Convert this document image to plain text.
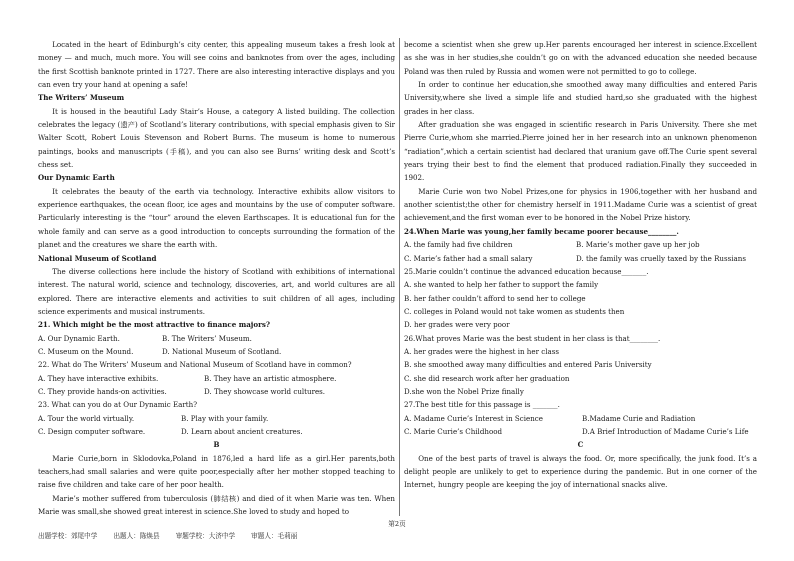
Located in the heart of Edinburgh’s city center, this appealing museum takes a fresh look at money — and much, much more. You will see coins and banknotes from over the ages, including the first Scottish banknote printed in 1727. There are also interesting interactive displays and you can even try your hand at opening a safe!

The Writers’ Museum

It is housed in the beautiful Lady Stair’s House, a category A listed building. The collection celebrates the legacy (遗产) of Scotland’s literary contributions, with special emphasis given to Sir Walter Scott, Robert Louis Stevenson and Robert Burns. The museum is home to numerous paintings, books and manuscripts (手稿), and you can also see Burns’ writing desk and Scott’s chess set.

Our Dynamic Earth

It celebrates the beauty of the earth via technology. Interactive exhibits allow visitors to experience earthquakes, the ocean floor, ice ages and mountains by the use of computer software. Particularly interesting is the “tour” around the eleven Earthscapes. It is educational fun for the whole family and can serve as a good introduction to concepts surrounding the formation of the planet and the creatures we share the earth with.

National Museum of Scotland

The diverse collections here include the history of Scotland with exhibitions of international interest. The natural world, science and technology, discoveries, art, and world cultures are all explored. There are interactive elements and activities to suit children of all ages, including science experiments and musical instruments.

21. Which might be the most attractive to finance majors?

A. Our Dynamic Earth.	B. The Writers’ Museum.
C. Museum on the Mound.	D. National Museum of Scotland.

22. What do The Writers’ Museum and National Museum of Scotland have in common?

A. They have interactive exhibits.	B. They have an artistic atmosphere.
C. They provide hands-on activities.	D. They showcase world cultures.

23. What can you do at Our Dynamic Earth?

A. Tour the world virtually.	B. Play with your family.
C. Design computer software.	D. Learn about ancient creatures.

B

Marie Curie,born in Sklodovka,Poland in 1876,led a hard life as a girl.Her parents,both teachers,had small salaries and were quite poor,especially after her mother stopped teaching to raise five children and take care of her poor health.

Marie’s mother suffered from tuberculosis (肺结核) and died of it when Marie was ten. When Marie was small,she showed great interest in science.She loved to study and hoped to

become a scientist when she grew up.Her parents encouraged her interest in science.Excellent as she was in her studies,she couldn’t go on with the advanced education she needed because Poland was then ruled by Russia and women were not permitted to go to college.

In order to continue her education,she smoothed away many difficulties and entered Paris University,where she lived a simple life and studied hard,so she graduated with the highest grades in her class.

After graduation she was engaged in scientific research in Paris University. There she met Pierre Curie,whom she married.Pierre joined her in her research into an unknown phenomenon “radiation”,which a certain scientist had declared that uranium gave off.The Curie spent several years trying their best to find the element that produced radiation.Finally they succeeded in 1902.

Marie Curie won two Nobel Prizes,one for physics in 1906,together with her husband and another scientist;the other for chemistry herself in 1911.Madame Curie was a scientist of great achievement,and the first woman ever to be honored in the Nobel Prize history.

24.When Marie was young,her family became poorer because________.

A. the family had five children	B. Marie’s mother gave up her job
C. Marie’s father had a small salary	D. the family was cruelly taxed by the Russians

25.Marie couldn’t continue the advanced education because_______.

A. she wanted to help her father to support the family

B. her father couldn’t afford to send her to college

C. colleges in Poland would not take women as students then

D. her grades were very poor

26.What proves Marie was the best student in her class is that________.

A. her grades were the highest in her class

B. she smoothed away many difficulties and entered Paris University

C. she did research work after her graduation

D.she won the Nobel Prize finally

27.The best title for this passage is _______.

A. Madame Curie’s Interest in Science	B.Madame Curie and Radiation
C. Marie Curie’s Childhood	D.A Brief Introduction of Madame Curie’s Life

C

One of the best parts of travel is always the food. Or, more specifically, the junk food. It’s a delight people are unlikely to get to experience during the pandemic. But in one corner of the Internet, hungry people are keeping the joy of international snacks alive.

第2页
出题学校：郊尾中学 出题人：陈焕县 审题学校：大济中学 审题人：毛莉丽
